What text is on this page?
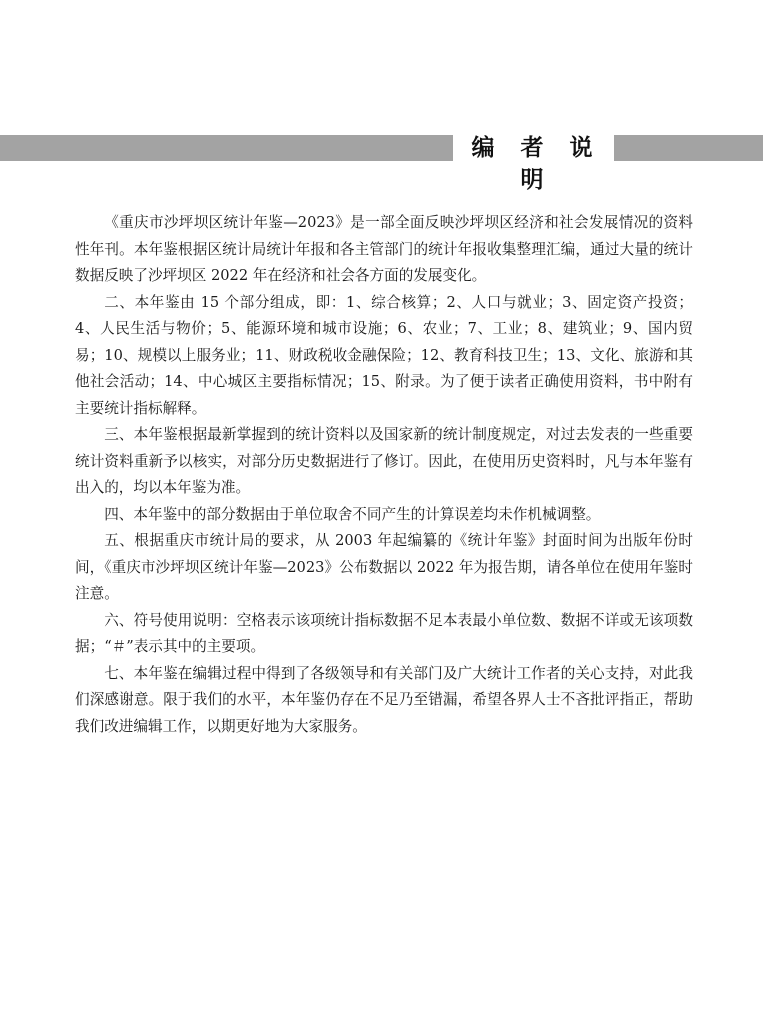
编 者 说 明

《重庆市沙坪坝区统计年鉴—2023》是一部全面反映沙坪坝区经济和社会发展情况的资料性年刊。本年鉴根据区统计局统计年报和各主管部门的统计年报收集整理汇编，通过大量的统计数据反映了沙坪坝区 2022 年在经济和社会各方面的发展变化。

二、本年鉴由 15 个部分组成，即：1、综合核算；2、人口与就业；3、固定资产投资；4、人民生活与物价；5、能源环境和城市设施；6、农业；7、工业；8、建筑业；9、国内贸易；10、规模以上服务业；11、财政税收金融保险；12、教育科技卫生；13、文化、旅游和其他社会活动；14、中心城区主要指标情况；15、附录。为了便于读者正确使用资料，书中附有主要统计指标解释。

三、本年鉴根据最新掌握到的统计资料以及国家新的统计制度规定，对过去发表的一些重要统计资料重新予以核实，对部分历史数据进行了修订。因此，在使用历史资料时，凡与本年鉴有出入的，均以本年鉴为准。

四、本年鉴中的部分数据由于单位取舍不同产生的计算误差均未作机械调整。

五、根据重庆市统计局的要求，从 2003 年起编纂的《统计年鉴》封面时间为出版年份时间，《重庆市沙坪坝区统计年鉴—2023》公布数据以 2022 年为报告期，请各单位在使用年鉴时注意。

六、符号使用说明：空格表示该项统计指标数据不足本表最小单位数、数据不详或无该项数据；“＃”表示其中的主要项。

七、本年鉴在编辑过程中得到了各级领导和有关部门及广大统计工作者的关心支持，对此我们深感谢意。限于我们的水平，本年鉴仍存在不足乃至错漏，希望各界人士不吝批评指正，帮助我们改进编辑工作，以期更好地为大家服务。
